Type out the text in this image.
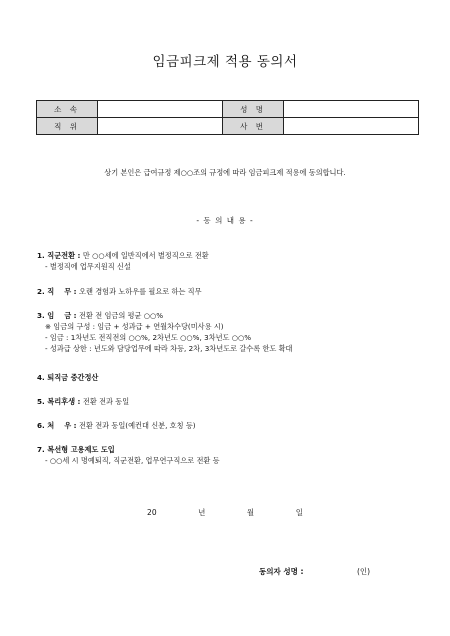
임금피크제 적용 동의서
소 속		성 명	
직 위		사 번	
상기 본인은 급여규정 제○○조의 규정에 따라 임금피크제 적용에 동의합니다.
- 동 의 내 용 -
1. 직군전환 : 만 ○○세에 일반직에서 별정직으로 전환
- 별정직에 업무지원직 신설
2. 직    무 : 오랜 경험과 노하우를 필요로 하는 직무
3. 임    금 : 전환 전 임금의 평균 ○○%
※ 임금의 구성 : 임금 + 성과급 + 연월차수당(미사용 시)
- 임금 : 1차년도 전직전의 ○○%, 2차년도 ○○%, 3차년도 ○○%
- 성과급 상한 : 년도와 담당업무에 따라 차등, 2차, 3차년도로 갈수록 한도 확대
4. 퇴직금 중간정산
5. 복리후생 : 전환 전과 동일
6. 처    우 : 전환 전과 동일(예컨대 신분, 호칭 등)
7. 복선형 고용제도 도입
- ○○세 시 명예퇴직, 직군전환, 업무연구직으로 전환 등
20    년    월    일
동의자 성명 :	(인)
